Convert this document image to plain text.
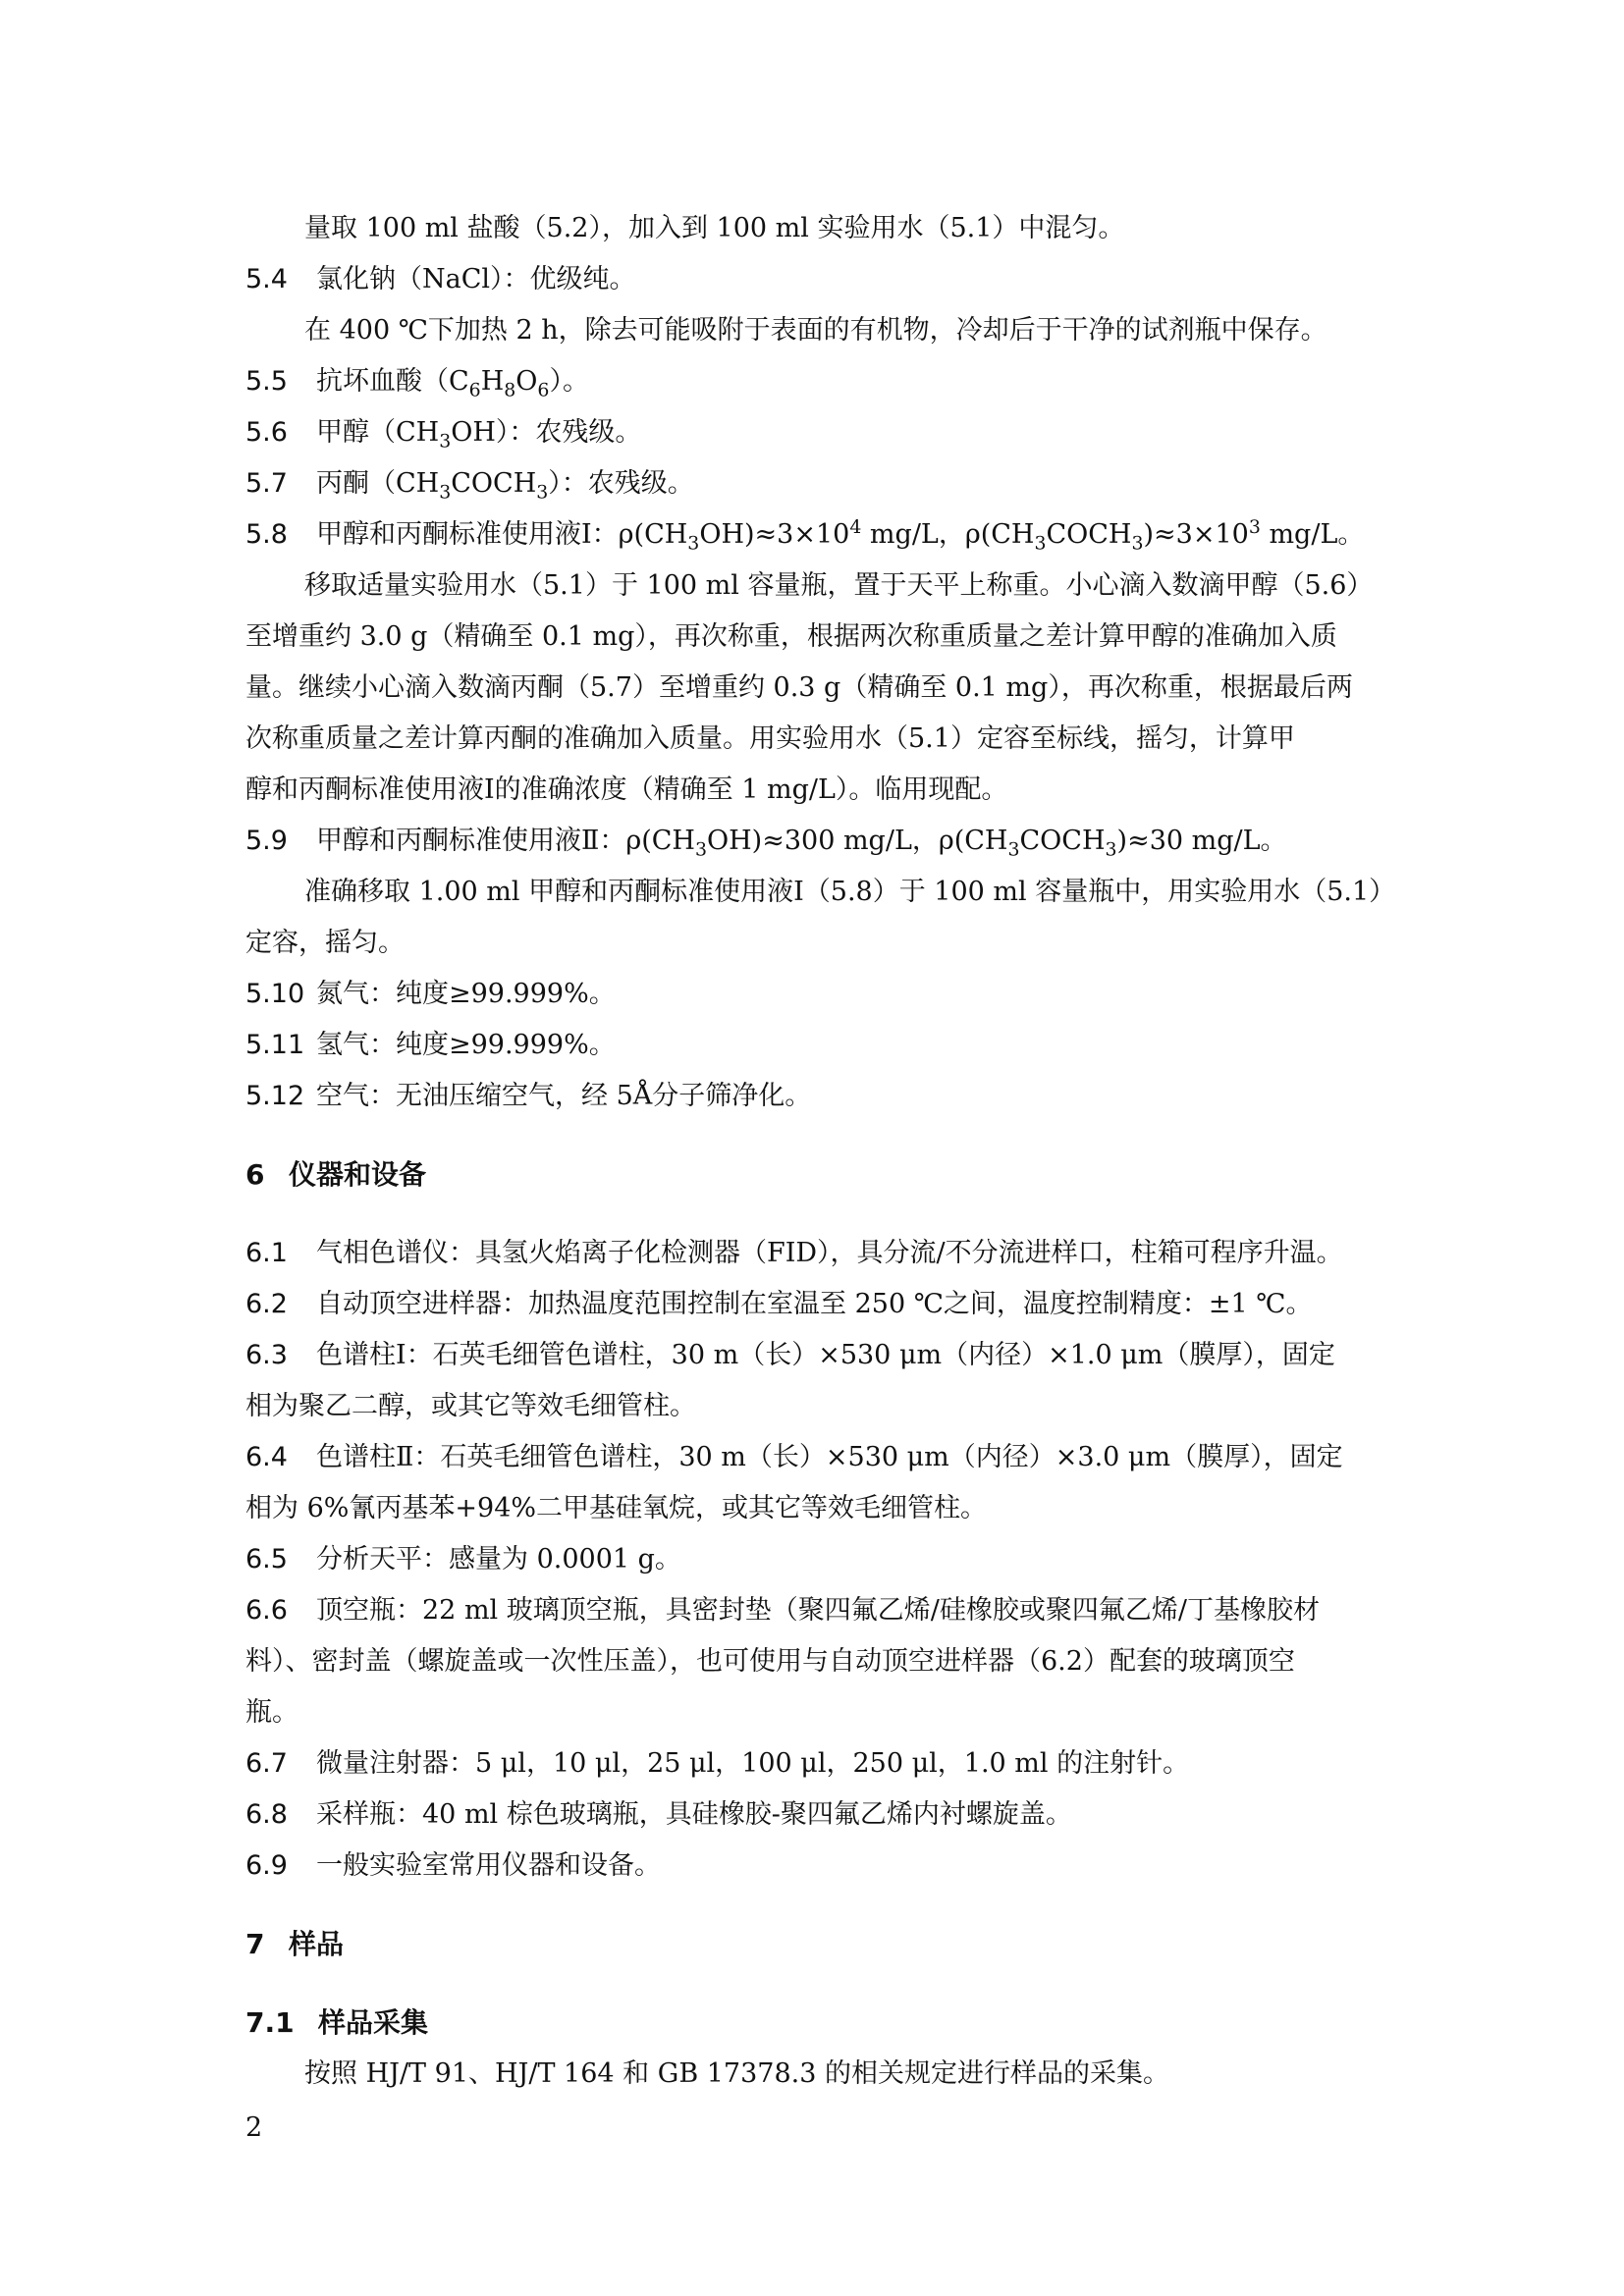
量取 100 ml 盐酸（5.2），加入到 100 ml 实验用水（5.1）中混匀。
5.4 氯化钠（NaCl）：优级纯。
在 400 ℃下加热 2 h，除去可能吸附于表面的有机物，冷却后于干净的试剂瓶中保存。
5.5 抗坏血酸$(C_6H_8O_6)$。
5.6 甲醇$(CH_3OH)$：农残级。
5.7 丙酮$(CH_3COCH_3)$：农残级。
5.8 甲醇和丙酮标准使用液Ⅰ：$\rho(CH_3OH)\approx 3\times 10^4$ mg/L，$\rho(CH_3COCH_3)\approx 3\times 10^3$ mg/L。
移取适量实验用水（5.1）于 100 ml 容量瓶，置于天平上称重。小心滴入数滴甲醇（5.6）
至增重约 3.0 g（精确至 0.1 mg），再次称重，根据两次称重质量之差计算甲醇的准确加入质
量。继续小心滴入数滴丙酮（5.7）至增重约 0.3 g（精确至 0.1 mg），再次称重，根据最后两
次称重质量之差计算丙酮的准确加入质量。用实验用水（5.1）定容至标线，摇匀，计算甲
醇和丙酮标准使用液Ⅰ的准确浓度（精确至 1 mg/L）。临用现配。
5.9 甲醇和丙酮标准使用液Ⅱ：$\rho(CH_3OH)\approx 300$ mg/L，$\rho(CH_3COCH_3)\approx 30$ mg/L。
准确移取 1.00 ml 甲醇和丙酮标准使用液Ⅰ（5.8）于 100 ml 容量瓶中，用实验用水（5.1）
定容，摇匀。
5.10 氮气：纯度≥99.999%。
5.11 氢气：纯度≥99.999%。
5.12 空气：无油压缩空气，经 5Å分子筛净化。
6 仪器和设备
6.1 气相色谱仪：具氢火焰离子化检测器（FID），具分流/不分流进样口，柱箱可程序升温。
6.2 自动顶空进样器：加热温度范围控制在室温至 250 ℃之间，温度控制精度：±1 ℃。
6.3 色谱柱Ⅰ：石英毛细管色谱柱，30 m（长）×530 μm（内径）×1.0 μm（膜厚），固定
相为聚乙二醇，或其它等效毛细管柱。
6.4 色谱柱Ⅱ：石英毛细管色谱柱，30 m（长）×530 μm（内径）×3.0 μm（膜厚），固定
相为 6%氰丙基苯+94%二甲基硅氧烷，或其它等效毛细管柱。
6.5 分析天平：感量为 0.0001 g。
6.6 顶空瓶：22 ml 玻璃顶空瓶，具密封垫（聚四氟乙烯/硅橡胶或聚四氟乙烯/丁基橡胶材
料）、密封盖（螺旋盖或一次性压盖），也可使用与自动顶空进样器（6.2）配套的玻璃顶空
瓶。
6.7 微量注射器：5 μl，10 μl，25 μl，100 μl，250 μl，1.0 ml 的注射针。
6.8 采样瓶：40 ml 棕色玻璃瓶，具硅橡胶-聚四氟乙烯内衬螺旋盖。
6.9 一般实验室常用仪器和设备。
7 样品
7.1 样品采集
按照 HJ/T 91、HJ/T 164 和 GB 17378.3 的相关规定进行样品的采集。
2
